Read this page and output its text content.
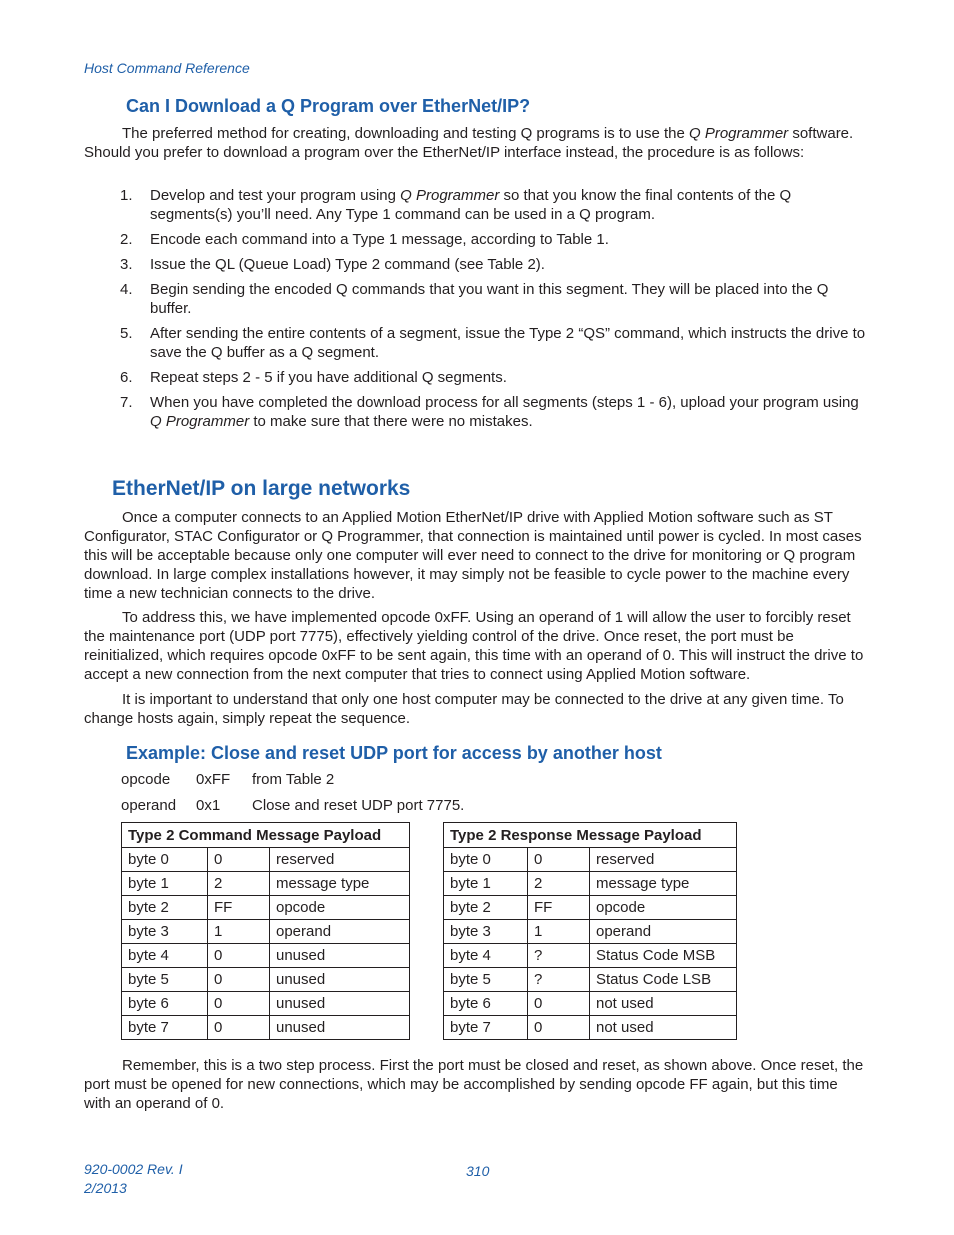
Host Command Reference
Can I Download a Q Program over EtherNet/IP?
The preferred method for creating, downloading and testing Q programs is to use the Q Programmer software. Should you prefer to download a program over the EtherNet/IP interface instead, the procedure is as follows:
1. Develop and test your program using Q Programmer so that you know the final contents of the Q segments(s) you’ll need. Any Type 1 command can be used in a Q program.
2. Encode each command into a Type 1 message, according to Table 1.
3. Issue the QL (Queue Load) Type 2 command (see Table 2).
4. Begin sending the encoded Q commands that you want in this segment. They will be placed into the Q buffer.
5. After sending the entire contents of a segment, issue the Type 2 “QS” command, which instructs the drive to save the Q buffer as a Q segment.
6. Repeat steps 2 - 5 if you have additional Q segments.
7. When you have completed the download process for all segments (steps 1 - 6), upload your program using Q Programmer to make sure that there were no mistakes.
EtherNet/IP on large networks
Once a computer connects to an Applied Motion EtherNet/IP drive with Applied Motion software such as ST Configurator, STAC Configurator or Q Programmer, that connection is maintained until power is cycled. In most cases this will be acceptable because only one computer will ever need to connect to the drive for monitoring or Q program download. In large complex installations however, it may simply not be feasible to cycle power to the machine every time a new technician connects to the drive.
To address this, we have implemented opcode 0xFF. Using an operand of 1 will allow the user to forcibly reset the maintenance port (UDP port 7775), effectively yielding control of the drive. Once reset, the port must be reinitialized, which requires opcode 0xFF to be sent again, this time with an operand of 0. This will instruct the drive to accept a new connection from the next computer that tries to connect using Applied Motion software.
It is important to understand that only one host computer may be connected to the drive at any given time. To change hosts again, simply repeat the sequence.
Example: Close and reset UDP port for access by another host
opcode 0xFF from Table 2
operand 0x1 Close and reset UDP port 7775.
Type 2 Command Message Payload		
byte 0	0	reserved
byte 1	2	message type
byte 2	FF	opcode
byte 3	1	operand
byte 4	0	unused
byte 5	0	unused
byte 6	0	unused
byte 7	0	unused
Type 2 Response Message Payload		
byte 0	0	reserved
byte 1	2	message type
byte 2	FF	opcode
byte 3	1	operand
byte 4	?	Status Code MSB
byte 5	?	Status Code LSB
byte 6	0	not used
byte 7	0	not used
Remember, this is a two step process. First the port must be closed and reset, as shown above. Once reset, the port must be opened for new connections, which may be accomplished by sending opcode FF again, but this time with an operand of 0.
920-0002 Rev. I
2/2013
310
